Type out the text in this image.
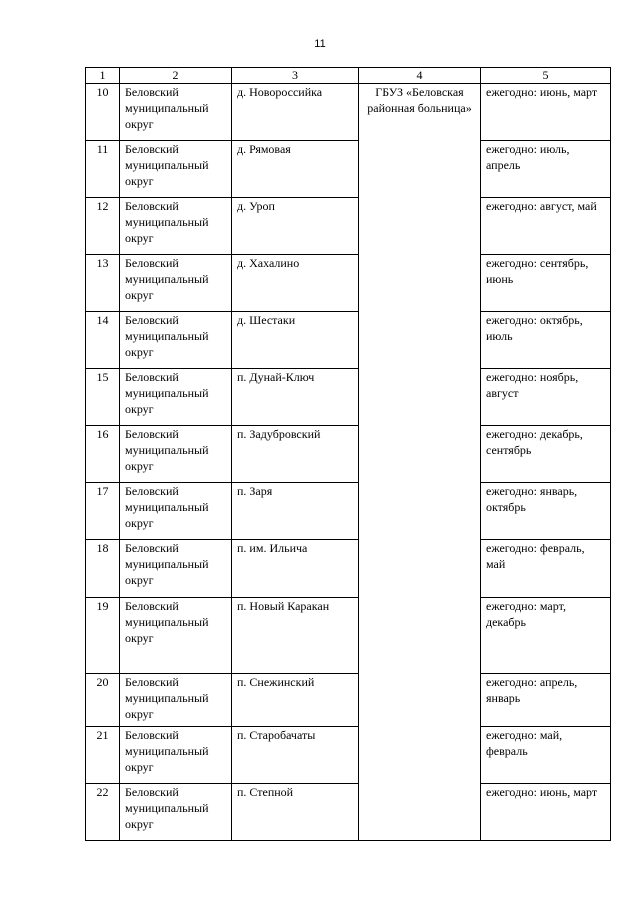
11
1	2	3	4	5
10	Беловский муниципальный округ	д. Новороссийка	ГБУЗ «Беловская районная больница»	ежегодно: июнь, март
11	Беловский муниципальный округ	д. Рямовая		ежегодно: июль, апрель
12	Беловский муниципальный округ	д. Уроп		ежегодно: август, май
13	Беловский муниципальный округ	д. Хахалино		ежегодно: сентябрь, июнь
14	Беловский муниципальный округ	д. Шестаки		ежегодно: октябрь, июль
15	Беловский муниципальный округ	п. Дунай-Ключ		ежегодно: ноябрь, август
16	Беловский муниципальный округ	п. Задубровский		ежегодно: декабрь, сентябрь
17	Беловский муниципальный округ	п. Заря		ежегодно: январь, октябрь
18	Беловский муниципальный округ	п. им. Ильича		ежегодно: февраль, май
19	Беловский муниципальный округ	п. Новый Каракан		ежегодно: март, декабрь
20	Беловский муниципальный округ	п. Снежинский		ежегодно: апрель, январь
21	Беловский муниципальный округ	п. Старобачаты		ежегодно: май, февраль
22	Беловский муниципальный округ	п. Степной		ежегодно: июнь, март
